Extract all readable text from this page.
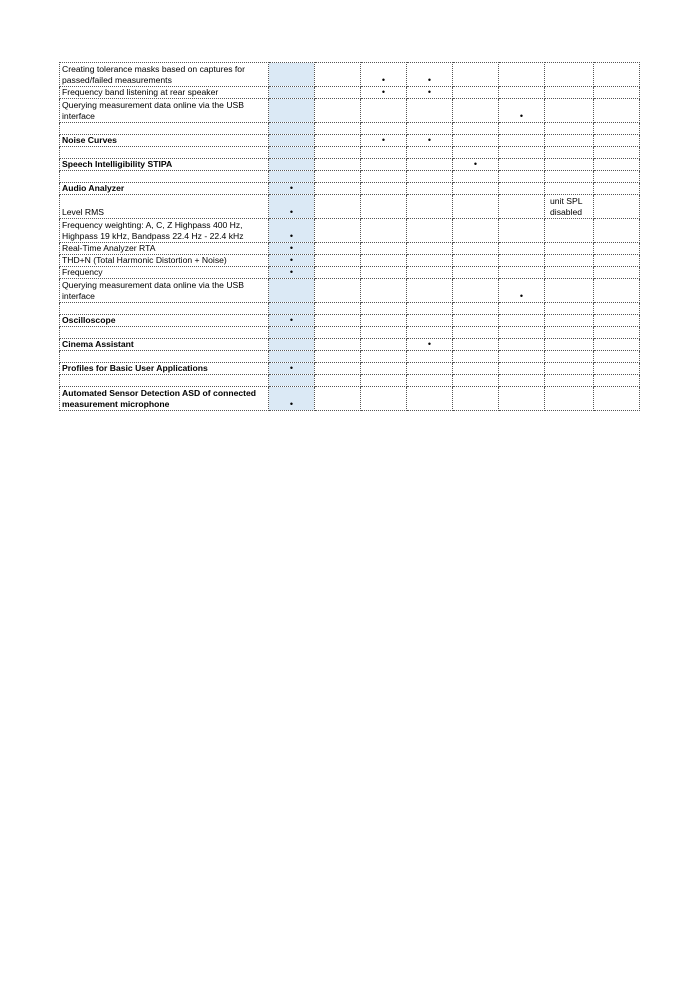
Creating tolerance masks based on captures for passed/failed measurements			•	•				
Frequency band listening at rear speaker			•	•				
Querying measurement data online via the USB interface						•		

Noise Curves			•	•				

Speech Intelligibility STIPA					•			

Audio Analyzer	•							
Level RMS	•						unit SPL disabled	
Frequency weighting: A, C, Z Highpass 400 Hz, Highpass 19 kHz, Bandpass 22.4 Hz - 22.4 kHz	•							
Real-Time Analyzer RTA	•							
THD+N (Total Harmonic Distortion + Noise)	•							
Frequency	•							
Querying measurement data online via the USB interface						•		

Oscilloscope	•							

Cinema Assistant				•				

Profiles for Basic User Applications	•							

Automated Sensor Detection ASD of connected measurement microphone	•							
